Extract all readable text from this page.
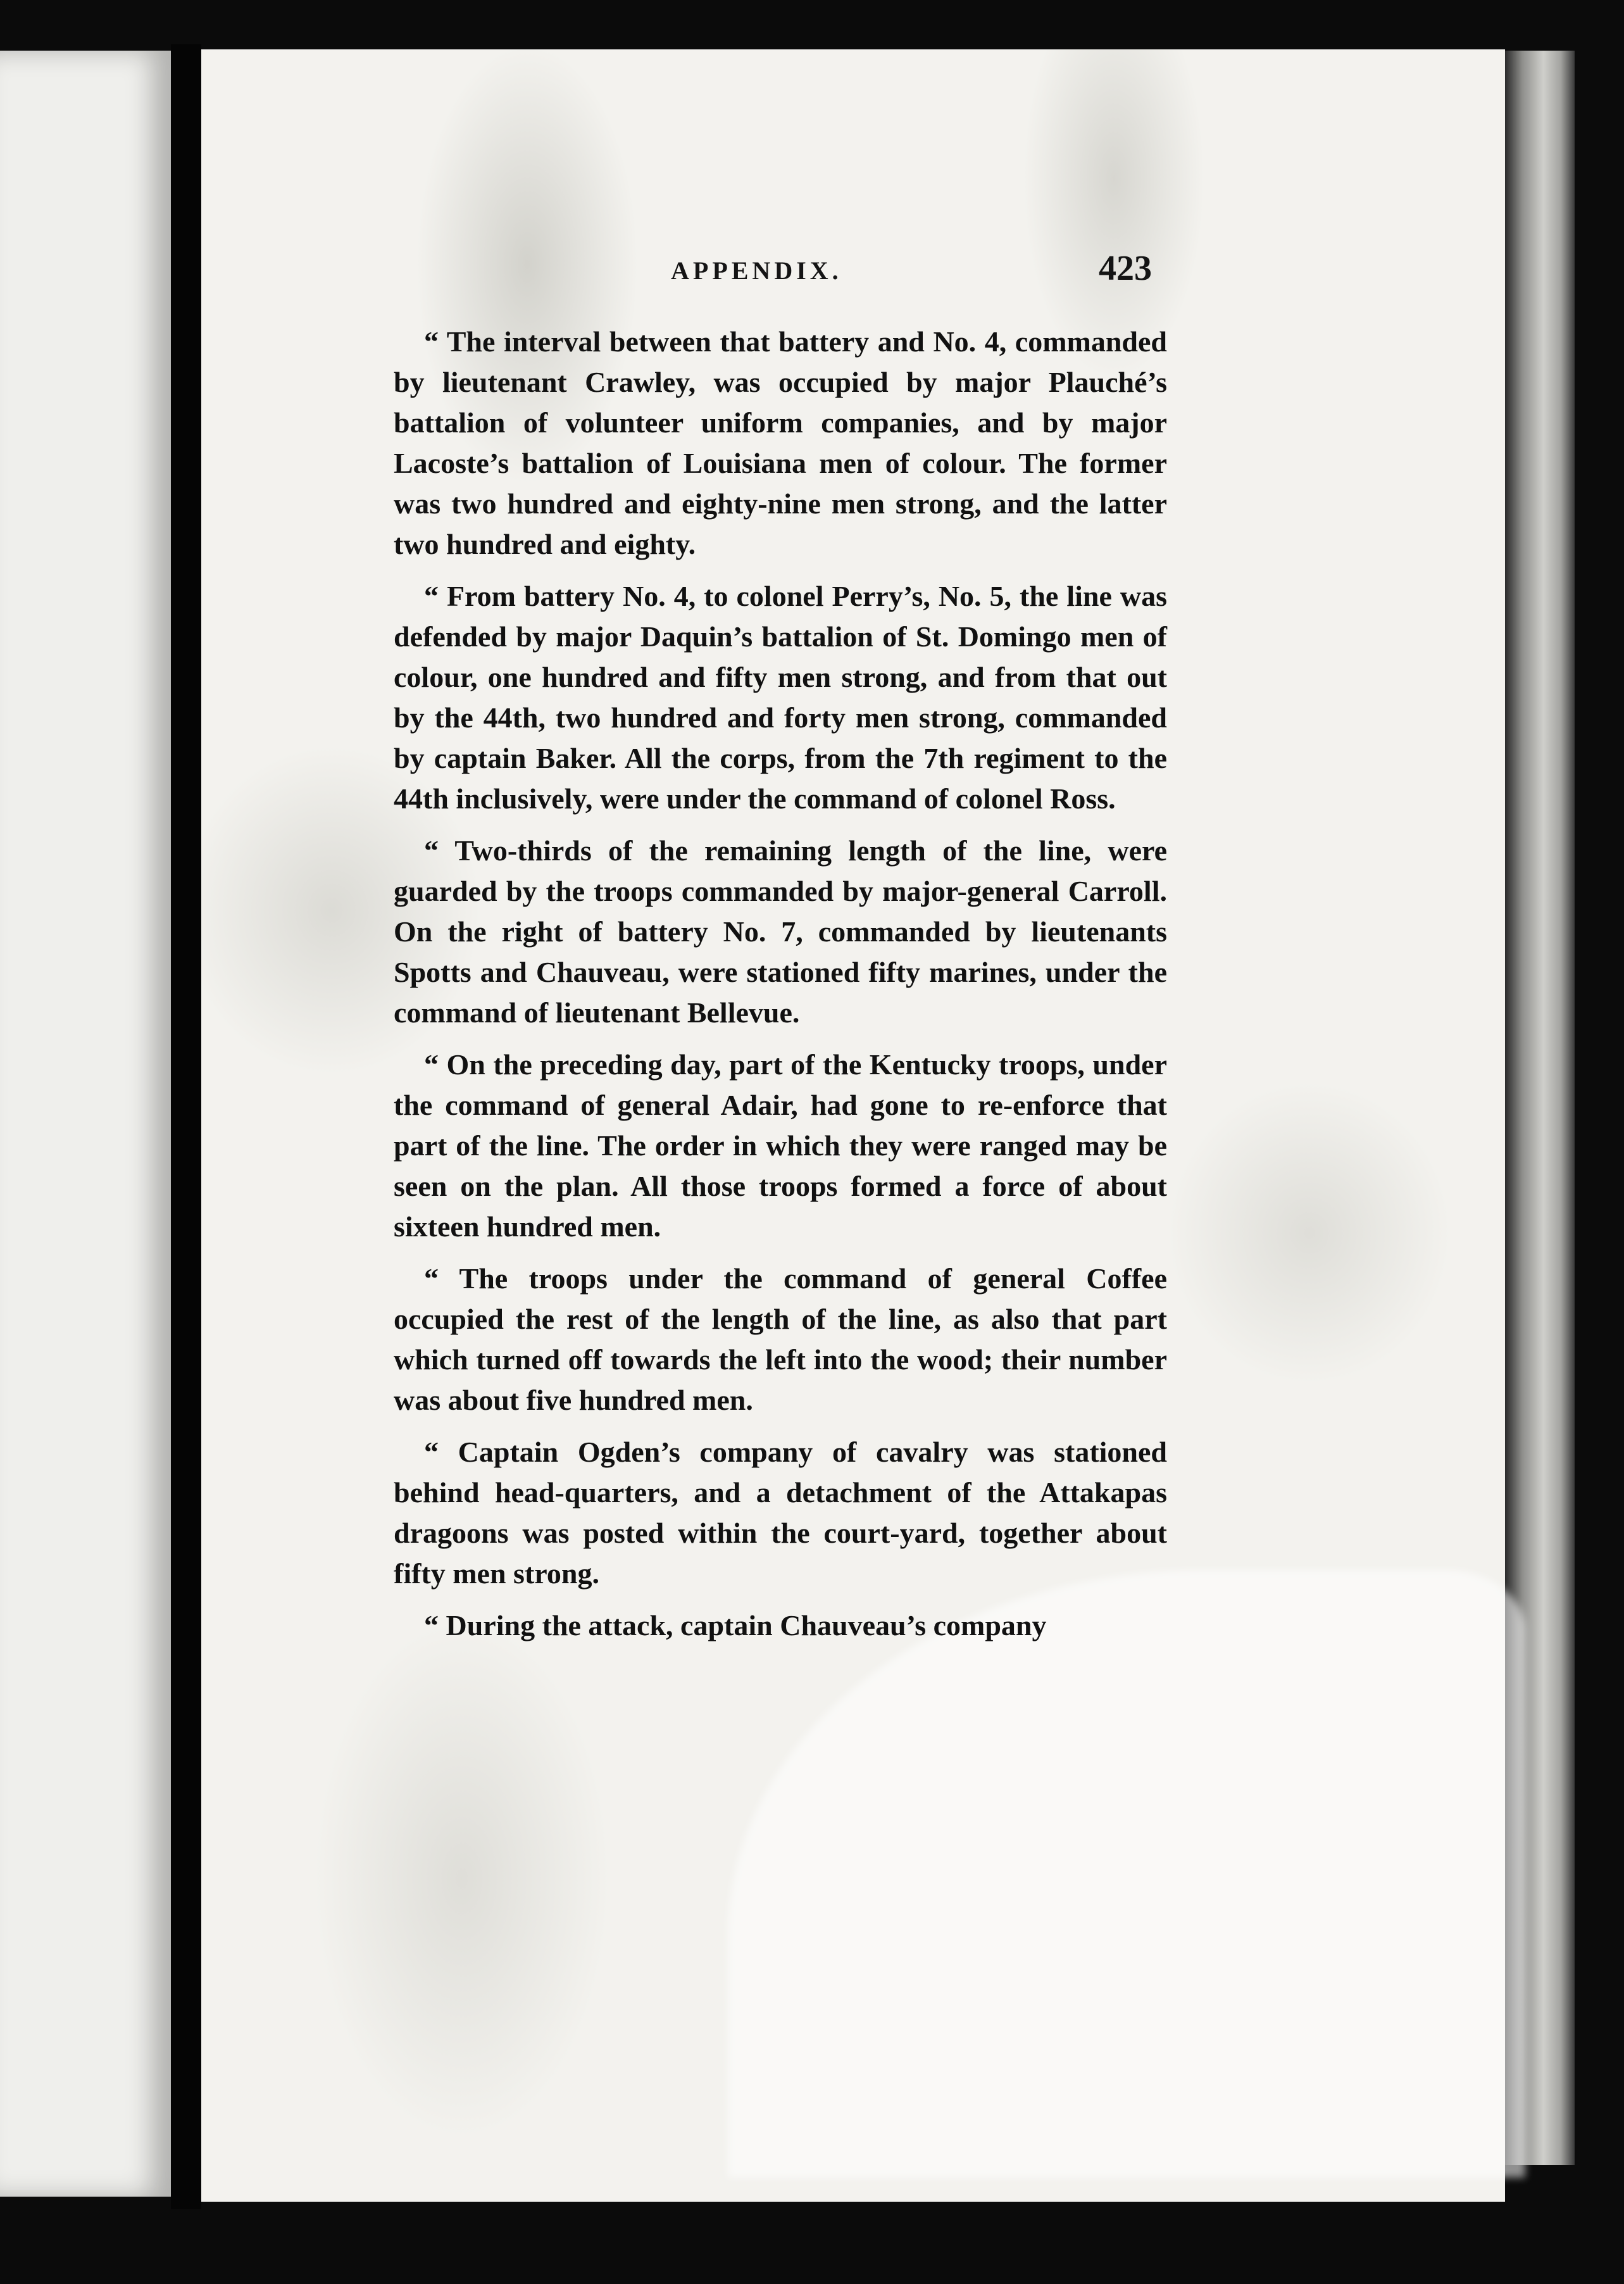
APPENDIX.	423

“ The interval between that battery and No. 4, commanded by lieutenant Crawley, was occupied by major Plauché’s battalion of volunteer uniform companies, and by major Lacoste’s battalion of Louisiana men of colour. The former was two hundred and eighty-nine men strong, and the latter two hundred and eighty.

“ From battery No. 4, to colonel Perry’s, No. 5, the line was defended by major Daquin’s battalion of St. Domingo men of colour, one hundred and fifty men strong, and from that out by the 44th, two hundred and forty men strong, commanded by captain Baker. All the corps, from the 7th regiment to the 44th inclusively, were under the command of colonel Ross.

“ Two-thirds of the remaining length of the line, were guarded by the troops commanded by major-general Carroll. On the right of battery No. 7, commanded by lieutenants Spotts and Chauveau, were stationed fifty marines, under the command of lieutenant Bellevue.

“ On the preceding day, part of the Kentucky troops, under the command of general Adair, had gone to re-enforce that part of the line. The order in which they were ranged may be seen on the plan. All those troops formed a force of about sixteen hundred men.

“ The troops under the command of general Coffee occupied the rest of the length of the line, as also that part which turned off towards the left into the wood; their number was about five hundred men.

“ Captain Ogden’s company of cavalry was stationed behind head-quarters, and a detachment of the Attakapas dragoons was posted within the court-yard, together about fifty men strong.

“ During the attack, captain Chauveau’s company
